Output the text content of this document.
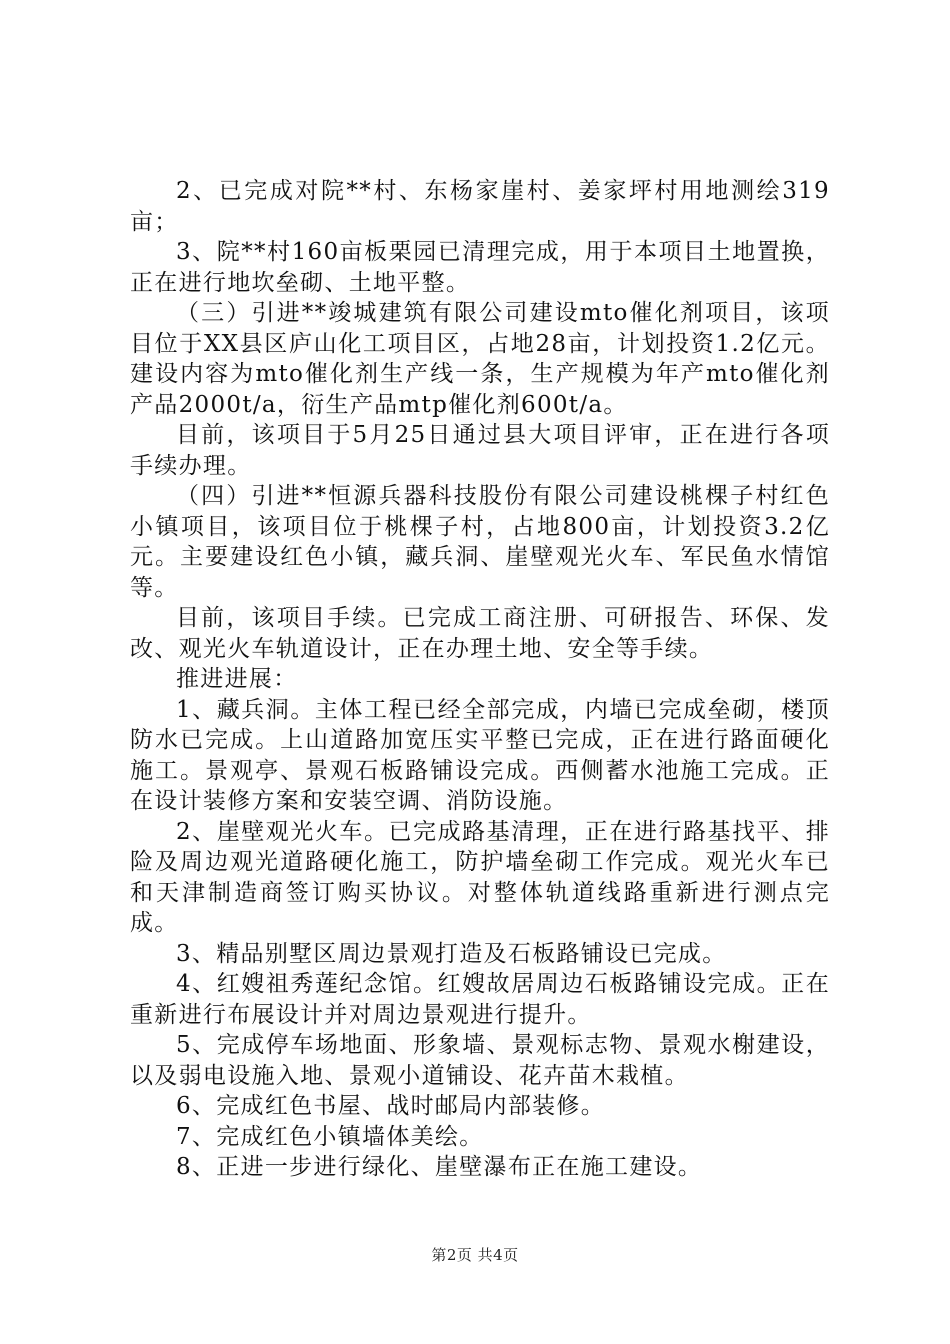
2、已完成对院**村、东杨家崖村、姜家坪村用地测绘319亩；

3、院**村160亩板栗园已清理完成，用于本项目土地置换，正在进行地坎垒砌、土地平整。

（三）引进**竣城建筑有限公司建设mto催化剂项目，该项目位于XX县区庐山化工项目区，占地28亩，计划投资1.2亿元。建设内容为mto催化剂生产线一条，生产规模为年产mto催化剂产品2000t/a，衍生产品mtp催化剂600t/a。

目前，该项目于5月25日通过县大项目评审，正在进行各项手续办理。

（四）引进**恒源兵器科技股份有限公司建设桃棵子村红色小镇项目，该项目位于桃棵子村，占地800亩，计划投资3.2亿元。主要建设红色小镇，藏兵洞、崖壁观光火车、军民鱼水情馆等。

目前，该项目手续。已完成工商注册、可研报告、环保、发改、观光火车轨道设计，正在办理土地、安全等手续。

推进进展：

1、藏兵洞。主体工程已经全部完成，内墙已完成垒砌，楼顶防水已完成。上山道路加宽压实平整已完成，正在进行路面硬化施工。景观亭、景观石板路铺设完成。西侧蓄水池施工完成。正在设计装修方案和安装空调、消防设施。

2、崖壁观光火车。已完成路基清理，正在进行路基找平、排险及周边观光道路硬化施工，防护墙垒砌工作完成。观光火车已和天津制造商签订购买协议。对整体轨道线路重新进行测点完成。

3、精品别墅区周边景观打造及石板路铺设已完成。

4、红嫂祖秀莲纪念馆。红嫂故居周边石板路铺设完成。正在重新进行布展设计并对周边景观进行提升。

5、完成停车场地面、形象墙、景观标志物、景观水榭建设，以及弱电设施入地、景观小道铺设、花卉苗木栽植。

6、完成红色书屋、战时邮局内部装修。

7、完成红色小镇墙体美绘。

8、正进一步进行绿化、崖壁瀑布正在施工建设。

第2页 共4页
